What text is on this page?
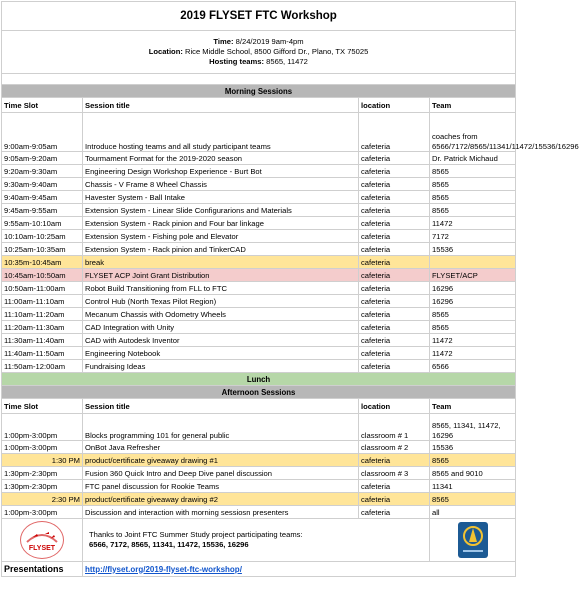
2019 FLYSET FTC Workshop			

Time: 8/24/2019 9am-4pm
Location: Rice Middle School, 8500 Gifford Dr., Plano, TX 75025
Hosting teams: 8565, 11472			

Morning Sessions			
Time Slot	Session title	location	Team
9:00am-9:05am	Introduce hosting teams and all study participant teams	cafeteria	coaches from 6566/7172/8565/11341/11472/15536/16296
9:05am-9:20am	Tourmament Format for the 2019-2020 season	cafeteria	Dr. Patrick Michaud
9:20am-9:30am	Engineering Design Workshop Experience - Burt Bot	cafeteria	8565
9:30am-9:40am	Chassis - V Frame 8 Wheel Chassis	cafeteria	8565
9:40am-9:45am	Havester System - Ball Intake	cafeteria	8565
9:45am-9:55am	Extension System - Linear Slide Configurarions and Materials	cafeteria	8565
9:55am-10:10am	Extension System - Rack pinion and Four bar linkage	cafeteria	11472
10:10am-10:25am	Extension System - Fishing pole and Elevator	cafeteria	7172
10:25am-10:35am	Extension System - Rack pinion and TinkerCAD	cafeteria	15536
10:35m-10:45am	break	cafeteria	
10:45am-10:50am	FLYSET ACP Joint Grant Distribution	cafeteria	FLYSET/ACP
10:50am-11:00am	Robot Build Transitioning from FLL to FTC	cafeteria	16296
11:00am-11:10am	Control Hub (North Texas Pilot Region)	cafeteria	16296
11:10am-11:20am	Mecanum Chassis with Odometry Wheels	cafeteria	8565
11:20am-11:30am	CAD Integration with Unity	cafeteria	8565
11:30am-11:40am	CAD with Autodesk Inventor	cafeteria	11472
11:40am-11:50am	Engineering Notebook	cafeteria	11472
11:50am-12:00am	Fundraising Ideas	cafeteria	6566
Lunch			
Afternoon Sessions			
Time Slot	Session title	location	Team
1:00pm-3:00pm	Blocks programming 101 for general public	classroom # 1	8565, 11341, 11472, 16296
1:00pm-3:00pm	OnBot Java Refresher	classroom # 2	15536
1:30 PM	product/certificate giveaway drawing #1	cafeteria	8565
1:30pm-2:30pm	Fusion 360 Quick Intro and Deep Dive panel discussion	classroom # 3	8565 and 9010
1:30pm-2:30pm	FTC panel discussion for Rookie Teams	cafeteria	11341
2:30 PM	product/certificate giveaway drawing #2	cafeteria	8565
1:00pm-3:00pm	Discussion and interaction with morning sessiosn presenters	cafeteria	all

FLYSET	Thanks to Joint FTC Summer Study project participating teams:
6566, 7172, 8565, 11341, 11472, 15536, 16296

Presentations	http://flyset.org/2019-flyset-ftc-workshop/		
